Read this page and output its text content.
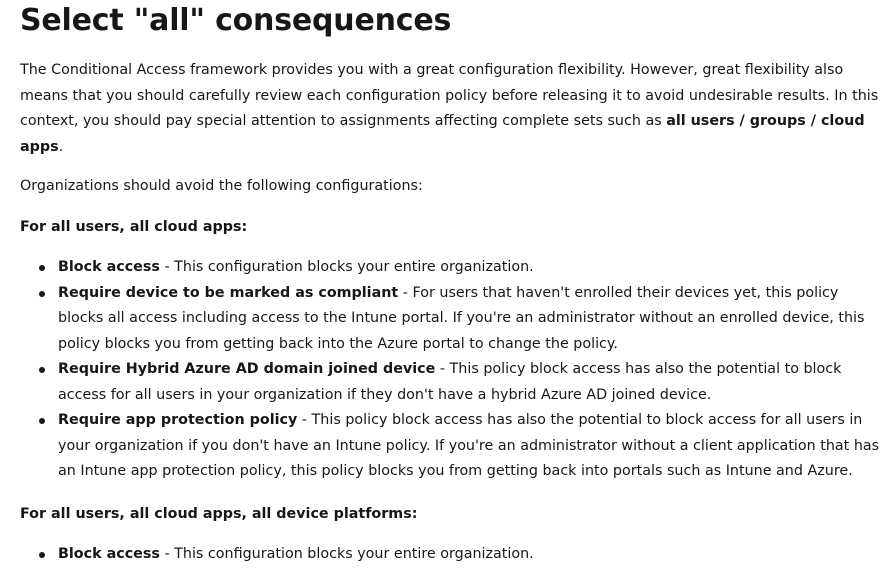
Select "all" consequences

The Conditional Access framework provides you with a great configuration flexibility. However, great flexibility also means that you should carefully review each configuration policy before releasing it to avoid undesirable results. In this context, you should pay special attention to assignments affecting complete sets such as all users / groups / cloud apps.

Organizations should avoid the following configurations:

For all users, all cloud apps:

Block access - This configuration blocks your entire organization.
Require device to be marked as compliant - For users that haven't enrolled their devices yet, this policy blocks all access including access to the Intune portal. If you're an administrator without an enrolled device, this policy blocks you from getting back into the Azure portal to change the policy.
Require Hybrid Azure AD domain joined device - This policy block access has also the potential to block access for all users in your organization if they don't have a hybrid Azure AD joined device.
Require app protection policy - This policy block access has also the potential to block access for all users in your organization if you don't have an Intune policy. If you're an administrator without a client application that has an Intune app protection policy, this policy blocks you from getting back into portals such as Intune and Azure.

For all users, all cloud apps, all device platforms:

Block access - This configuration blocks your entire organization.
